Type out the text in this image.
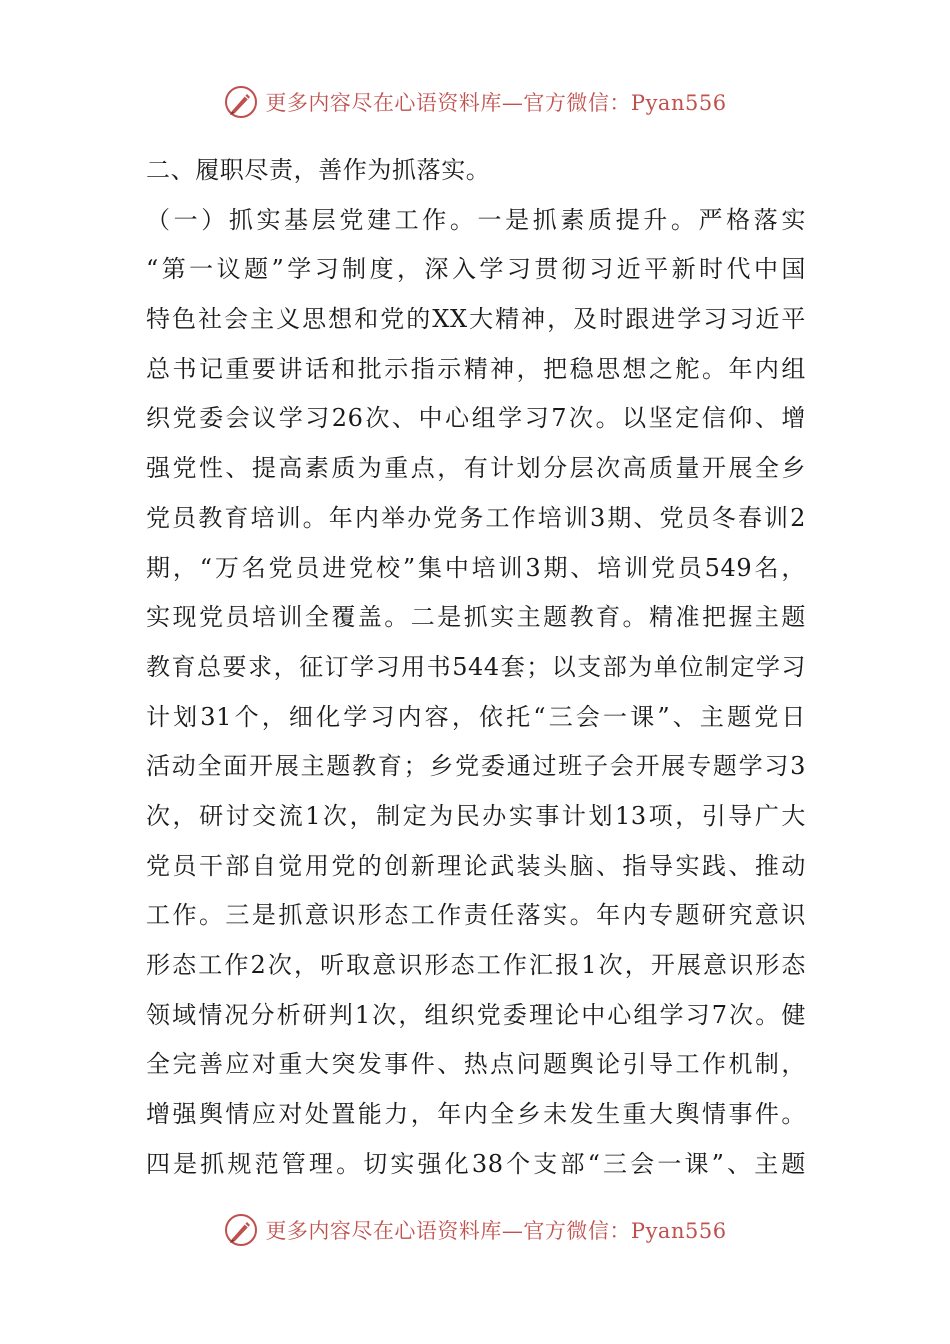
更多内容尽在心语资料库—官方微信：Pyan556
二、履职尽责，善作为抓落实。
（一）抓实基层党建工作。一是抓素质提升。严格落实
“第一议题”学习制度，深入学习贯彻习近平新时代中国
特色社会主义思想和党的XX大精神，及时跟进学习习近平
总书记重要讲话和批示指示精神，把稳思想之舵。年内组
织党委会议学习26次、中心组学习7次。以坚定信仰、增
强党性、提高素质为重点，有计划分层次高质量开展全乡
党员教育培训。年内举办党务工作培训3期、党员冬春训2
期，“万名党员进党校”集中培训3期、培训党员549名，
实现党员培训全覆盖。二是抓实主题教育。精准把握主题
教育总要求，征订学习用书544套；以支部为单位制定学习
计划31个，细化学习内容，依托“三会一课”、主题党日
活动全面开展主题教育；乡党委通过班子会开展专题学习3
次，研讨交流1次，制定为民办实事计划13项，引导广大
党员干部自觉用党的创新理论武装头脑、指导实践、推动
工作。三是抓意识形态工作责任落实。年内专题研究意识
形态工作2次，听取意识形态工作汇报1次，开展意识形态
领域情况分析研判1次，组织党委理论中心组学习7次。健
全完善应对重大突发事件、热点问题舆论引导工作机制，
增强舆情应对处置能力，年内全乡未发生重大舆情事件。
四是抓规范管理。切实强化38个支部“三会一课”、主题
更多内容尽在心语资料库—官方微信：Pyan556
